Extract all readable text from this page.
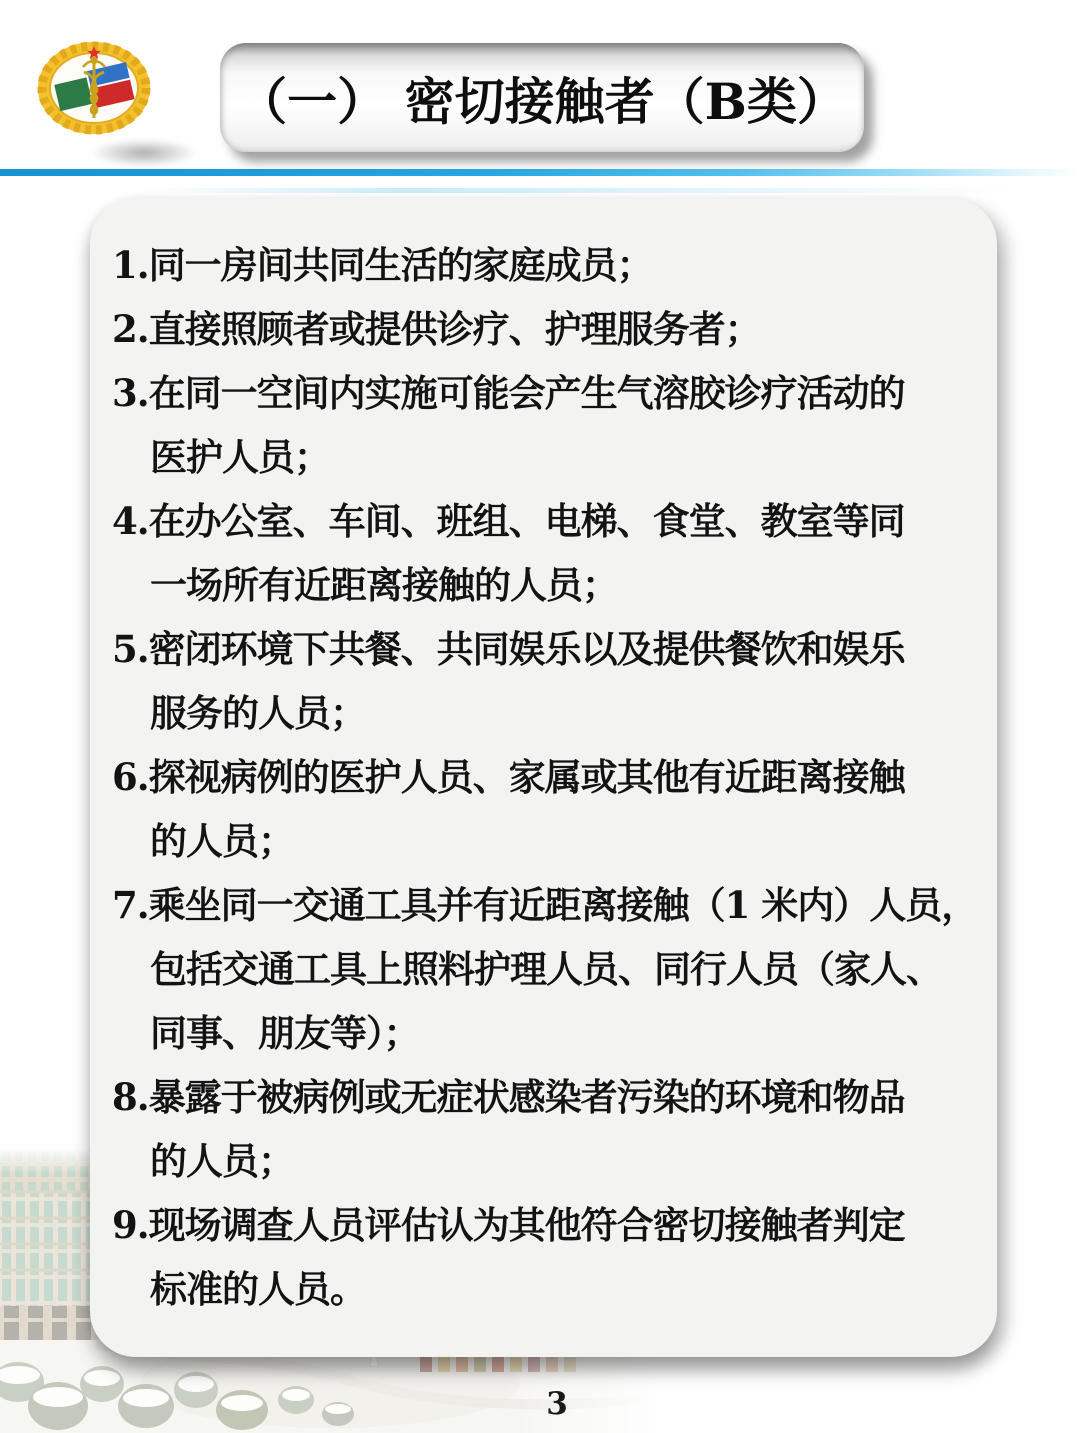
（一） 密切接触者（B类）
1.同一房间共同生活的家庭成员；
2.直接照顾者或提供诊疗、护理服务者；
3.在同一空间内实施可能会产生气溶胶诊疗活动的
医护人员；
4.在办公室、车间、班组、电梯、食堂、教室等同
一场所有近距离接触的人员；
5.密闭环境下共餐、共同娱乐以及提供餐饮和娱乐
服务的人员；
6.探视病例的医护人员、家属或其他有近距离接触
的人员；
7.乘坐同一交通工具并有近距离接触（1 米内）人员，
包括交通工具上照料护理人员、同行人员（家人、
同事、朋友等）；
8.暴露于被病例或无症状感染者污染的环境和物品
的人员；
9.现场调查人员评估认为其他符合密切接触者判定
标准的人员。
3
